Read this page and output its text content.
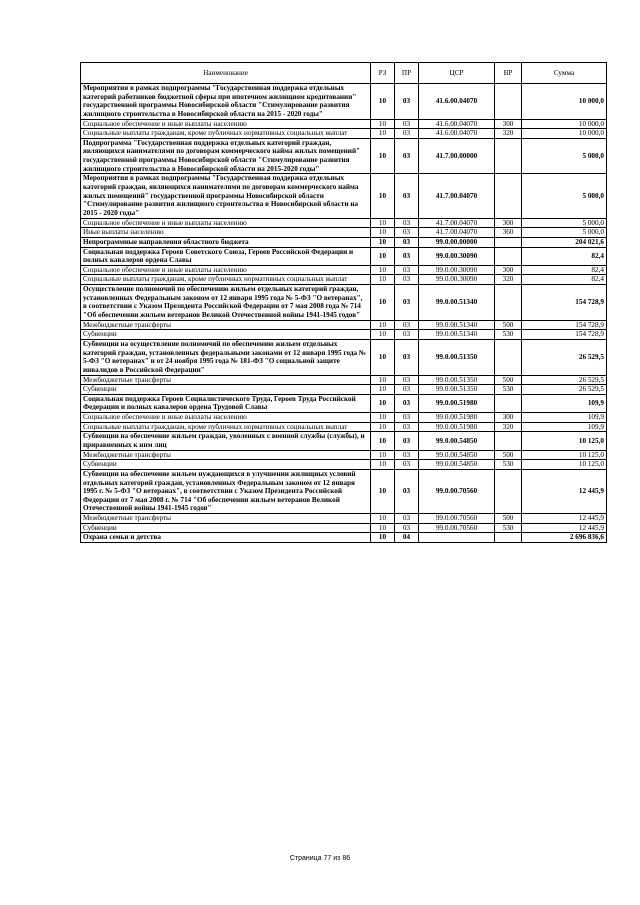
Наименование	РЗ	ПР	ЦСР	ВР	Сумма
Мероприятия в рамках подпрограммы "Государственная поддержка отдельных категорий работников бюджетной сферы при ипотечном жилищном кредитовании" государственной программы Новосибирской области "Стимулирование развития жилищного строительства в Новосибирской области на 2015 - 2020 годы"	10	03	41.6.00.04070		10 000,0
Социальное обеспечение и иные выплаты населению	10	03	41.6.00.04070	300	10 000,0
Социальные выплаты гражданам, кроме публичных нормативных социальных выплат	10	03	41.6.00.04070	320	10 000,0
Подпрограмма "Государственная поддержка отдельных категорий граждан, являющихся нанимателями по договорам коммерческого найма жилых помещений" государственной программы Новосибирской области "Стимулирование развития жилищного строительства в Новосибирской области на 2015-2020 годы"	10	03	41.7.00.00000		5 000,0
Мероприятия в рамках подпрограммы "Государственная поддержка отдельных категорий граждан, являющихся нанимателями по договорам коммерческого найма жилых помещений" государственной программы Новосибирской области "Стимулирование развития жилищного строительства в Новосибирской области на 2015 - 2020 годы"	10	03	41.7.00.04070		5 000,0
Социальное обеспечение и иные выплаты населению	10	03	41.7.00.04070	300	5 000,0
Иные выплаты населению	10	03	41.7.00.04070	360	5 000,0
Непрограммные направления областного бюджета	10	03	99.0.00.00000		204 021,6
Социальная поддержка Героев Советского Союза, Героев Российской Федерации и полных кавалеров ордена Славы	10	03	99.0.00.30090		82,4
Социальное обеспечение и иные выплаты населению	10	03	99.0.00.30090	300	82,4
Социальные выплаты гражданам, кроме публичных нормативных социальных выплат	10	03	99.0.00.30090	320	82,4
Осуществление полномочий по обеспечению жильем отдельных категорий граждан, установленных Федеральным законом от 12 января 1995 года № 5-ФЗ "О ветеранах", в соответствии с Указом Президента Российской Федерации от 7 мая 2008 года № 714 "Об обеспечении жильем ветеранов Великой Отечественной войны 1941-1945 годов"	10	03	99.0.00.51340		154 728,9
Межбюджетные трансферты	10	03	99.0.00.51340	500	154 728,9
Субвенции	10	03	99.0.00.51340	530	154 728,9
Субвенции на осуществление полномочий по обеспечению жильем отдельных категорий граждан, установленных федеральными законами от 12 января 1995 года № 5-ФЗ "О ветеранах" и от 24 ноября 1995 года № 181-ФЗ "О социальной защите инвалидов в Российской Федерации"	10	03	99.0.00.51350		26 529,5
Межбюджетные трансферты	10	03	99.0.00.51350	500	26 529,5
Субвенции	10	03	99.0.00.51350	530	26 529,5
Социальная поддержка Героев Социалистического Труда, Героев Труда Российской Федерации и полных кавалеров ордена Трудовой Славы	10	03	99.0.00.51980		109,9
Социальное обеспечение и иные выплаты населению	10	03	99.0.00.51980	300	109,9
Социальные выплаты гражданам, кроме публичных нормативных социальных выплат	10	03	99.0.00.51980	320	109,9
Субвенции на обеспечение жильем граждан, уволенных с военной службы (службы), и приравненных к ним лиц	10	03	99.0.00.54850		10 125,0
Межбюджетные трансферты	10	03	99.0.00.54850	500	10 125,0
Субвенции	10	03	99.0.00.54850	530	10 125,0
Субвенции на обеспечение жильем нуждающихся в улучшении жилищных условий отдельных категорий граждан, установленных Федеральным законом от 12 января 1995 г. № 5-ФЗ "О ветеранах", в соответствии с Указом Президента Российской Федерации от 7 мая 2008 г. № 714 "Об обеспечении жильем ветеранов Великой Отечественной войны 1941-1945 годов"	10	03	99.0.00.70560		12 445,9
Межбюджетные трансферты	10	03	99.0.00.70560	500	12 445,9
Субвенции	10	03	99.0.00.70560	530	12 445,9
Охрана семьи и детства	10	04			2 696 836,6
Страница 77 из 86
